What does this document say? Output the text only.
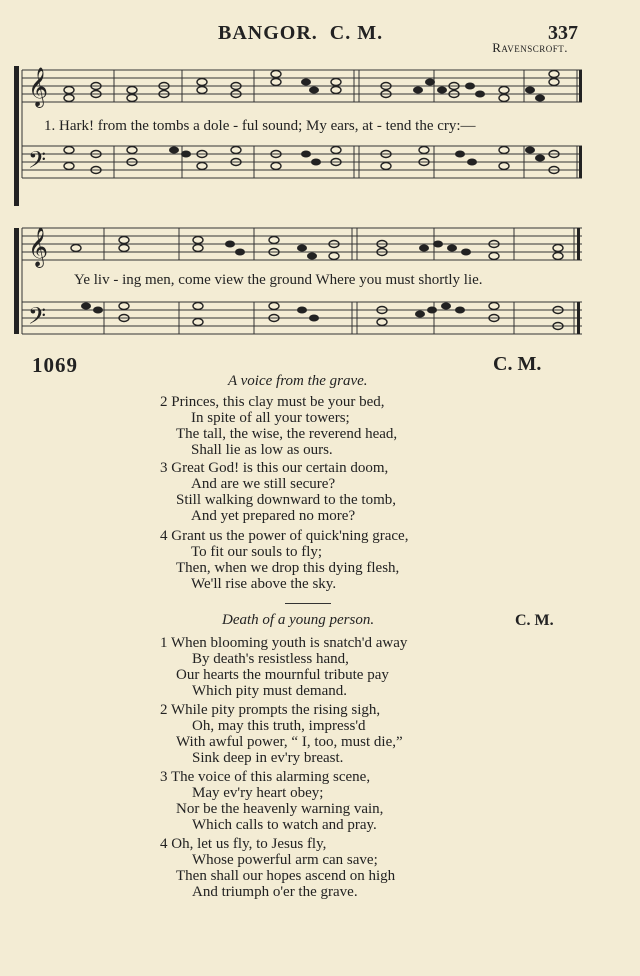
BANGOR. C. M.	337
Ravenscroft.
𝄞
𝄢
1. Hark! from the tombs a dole - ful sound; My ears, at - tend the cry:—
𝄞
𝄢
Ye liv - ing men, come view the ground Where you must shortly lie.
1069	C. M.
A voice from the grave.
2 Princes, this clay must be your bed,
In spite of all your towers;
The tall, the wise, the reverend head,
Shall lie as low as ours.
3 Great God! is this our certain doom,
And are we still secure?
Still walking downward to the tomb,
And yet prepared no more?
4 Grant us the power of quick'ning grace,
To fit our souls to fly;
Then, when we drop this dying flesh,
We'll rise above the sky.
Death of a young person.	C. M.
1 When blooming youth is snatch'd away
By death's resistless hand,
Our hearts the mournful tribute pay
Which pity must demand.
2 While pity prompts the rising sigh,
Oh, may this truth, impress'd
With awful power, “ I, too, must die,”
Sink deep in ev'ry breast.
3 The voice of this alarming scene,
May ev'ry heart obey;
Nor be the heavenly warning vain,
Which calls to watch and pray.
4 Oh, let us fly, to Jesus fly,
Whose powerful arm can save;
Then shall our hopes ascend on high
And triumph o'er the grave.
